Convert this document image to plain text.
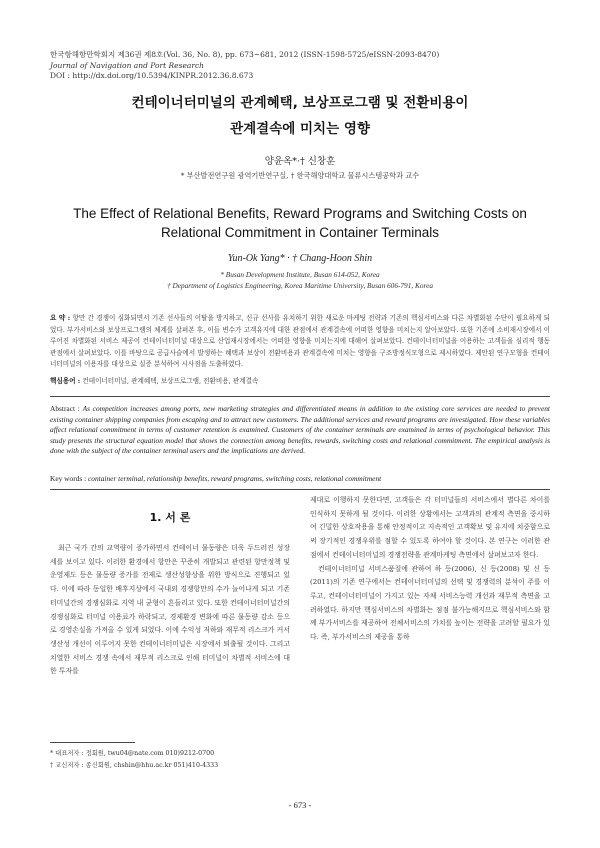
한국항해항만학회지 제36권 제8호(Vol. 36, No. 8), pp. 673~681, 2012 (ISSN-1598-5725/eISSN-2093-8470)
Journal of Navigation and Port Research
DOI : http://dx.doi.org/10.5394/KINPR.2012.36.8.673
컨테이너터미널의 관계혜택, 보상프로그램 및 전환비용이
관계결속에 미치는 영향
양윤옥*·† 신창훈
* 부산발전연구원 광역기반연구실, † 한국해양대학교 물류시스템공학과 교수
The Effect of Relational Benefits, Reward Programs and Switching Costs on
Relational Commitment in Container Terminals
Yun-Ok Yang* · † Chang-Hoon Shin
* Busan Development Institute, Busan 614-052, Korea
† Department of Logistics Engineering, Korea Maritime University, Busan 606-791, Korea
요 약 : 항만 간 경쟁이 심화되면서 기존 선사들의 이탈을 방지하고, 신규 선사를 유치하기 위한 새로운 마케팅 전략과 기존의 핵심서비스와 다른 차별화된 수단이 필요하게 되었다. 부가서비스와 보상프로그램의 체계를 살펴본 후, 이들 변수가 고객유지에 대한 관점에서 관계결속에 어떠한 영향을 미치는지 알아보았다. 또한 기존에 소비재시장에서 이루어진 차별화된 서비스 제공이 컨테이너터미널 대상으로 산업재시장에서는 어떠한 영향을 미치는지에 대해여 살펴보았다. 컨테이너터미널을 이용하는 고객들을 심리적 행동관점에서 살펴보았다. 이를 바탕으로 공급사슬에서 발생하는 혜택과 보상이 전환비용과 관계결속에 미치는 영향을 구조방정식모형으로 제시하였다. 제안된 연구모형을 컨테이너터미널의 이용자를 대상으로 실증 분석하여 시사점을 도출하였다.
핵심용어 : 컨테이너터미널, 관계혜택, 보상프로그램, 전환비용, 관계결속
Abstract : As competition increases among ports, new marketing strategies and differentiated means in addition to the existing core services are needed to prevent existing container shipping companies from escaping and to attract new customers. The additional services and reward programs are investigated. How these variables affect relational commitment in terms of customer retention is examined. Customers of the container terminals are examined in terms of psychological behavior. This study presents the structural equation model that shows the connection among benefits, rewards, switching costs and relational commitment. The empirical analysis is done with the subject of the container terminal users and the implications are derived.
Key words : container terminal, relationship benefits, reward programs, switching costs, relational commitment
1. 서 론
최근 국가 간의 교역량이 증가하면서 컨테이너 물동량은 더욱 두드러진 성장세를 보이고 있다. 이러한 환경에서 항만은 꾸준히 개발되고 관련된 항만정책 및 운영제도 등은 물동량 증가를 전제로 생산성향상을 위한 방식으로 진행되고 있다. 이에 따라 동일한 배후지상에서 국내외 경쟁항만의 수가 늘어나게 되고 기존 터미널간의 경쟁심화로 지역 내 균형이 흔들리고 있다. 또한 컨테이너터미널간의 경쟁심화로 터미널 이용료가 하락되고, 경제환경 변화에 따른 물동량 감소 등으로 경영손실을 가져올 수 있게 되었다. 이에 수익성 저하와 재무적 리스크가 커서 생산성 개선이 이루어지 못한 컨테이너터미널은 시장에서 퇴출될 것이다. 그리고 치열한 서비스 경쟁 속에서 재무적 리스크로 인해 터미널이 차별적 서비스에 대한 투자를

제대로 이행하지 못한다면, 고객들은 각 터미널들의 서비스에서 별다른 차이를 인식하지 못하게 될 것이다. 이러한 상황에서는 고객과의 관계적 측면을 중시하여 긴밀한 상호작용을 통해 안정적이고 지속적인 고객확보 및 유지에 치중함으로써 장기적인 경쟁우위를 점할 수 있도록 하여야 할 것이다. 본 연구는 이러한 관점에서 컨테이너터미널의 경쟁전략을 관계마케팅 측면에서 살펴보고자 한다.

컨테이너터미널 서비스품질에 관하여 하 등(2006), 신 등(2008) 및 신 등(2011)의 기존 연구에서는 컨테이너터미널의 선택 및 경쟁력의 분석이 주를 이루고, 컨테이너터미널이 가지고 있는 자체 서비스능력 개선과 재무적 측면을 고려하였다. 하지만 핵심서비스의 차별화는 점점 불가능해지므로 핵심서비스와 함께 부가서비스를 제공하여 전체서비스의 가치를 높이는 전략을 고려할 필요가 있다. 즉, 부가서비스의 제공을 통하

* 대표저자 : 정회원, twu04@nate.com 010)9212-0700
† 교신저자 : 종신회원, chshin@hhu.ac.kr 051)410-4333
- 673 -
